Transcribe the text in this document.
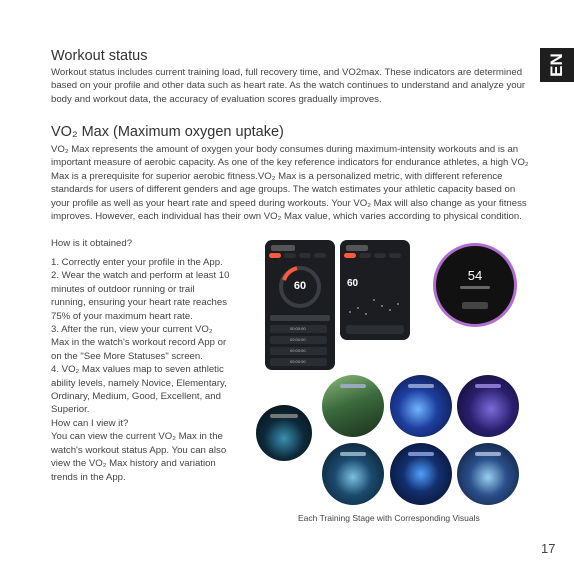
EN
Workout status

Workout status includes current training load, full recovery time, and VO2max. These indicators are determined based on your profile and other data such as heart rate. As the watch continues to understand and analyze your body and workout data, the accuracy of evaluation scores gradually improves.

VO₂ Max (Maximum oxygen uptake)

VO₂ Max represents the amount of oxygen your body consumes during maximum-intensity workouts and is an important measure of aerobic capacity. As one of the key reference indicators for endurance athletes, a high VO₂ Max is a prerequisite for superior aerobic fitness.VO₂ Max is a personalized metric, with different reference standards for users of different genders and age groups. The watch estimates your athletic capacity based on your profile as well as your heart rate and speed during workouts. Your VO₂ Max will also change as your fitness improves. However, each individual has their own VO₂ Max value, which varies according to physical condition.

How is it obtained?

1. Correctly enter your profile in the App.
2. Wear the watch and perform at least 10 minutes of outdoor running or trail running, ensuring your heart rate reaches 75% of your maximum heart rate.
3. After the run, view your current VO₂ Max in the watch's workout record App or on the "See More Statuses" screen.
4. VO₂ Max values map to seven athletic ability levels, namely Novice, Elementary, Ordinary, Medium, Good, Excellent, and Superior.
How can I view it?
You can view the current VO₂ Max in the watch's workout status App. You can also view the VO₂ Max history and variation trends in the App.

60
00:00:00
00:00:00
00:00:00
00:00:00
60
54
Each Training Stage with Corresponding Visuals
17
